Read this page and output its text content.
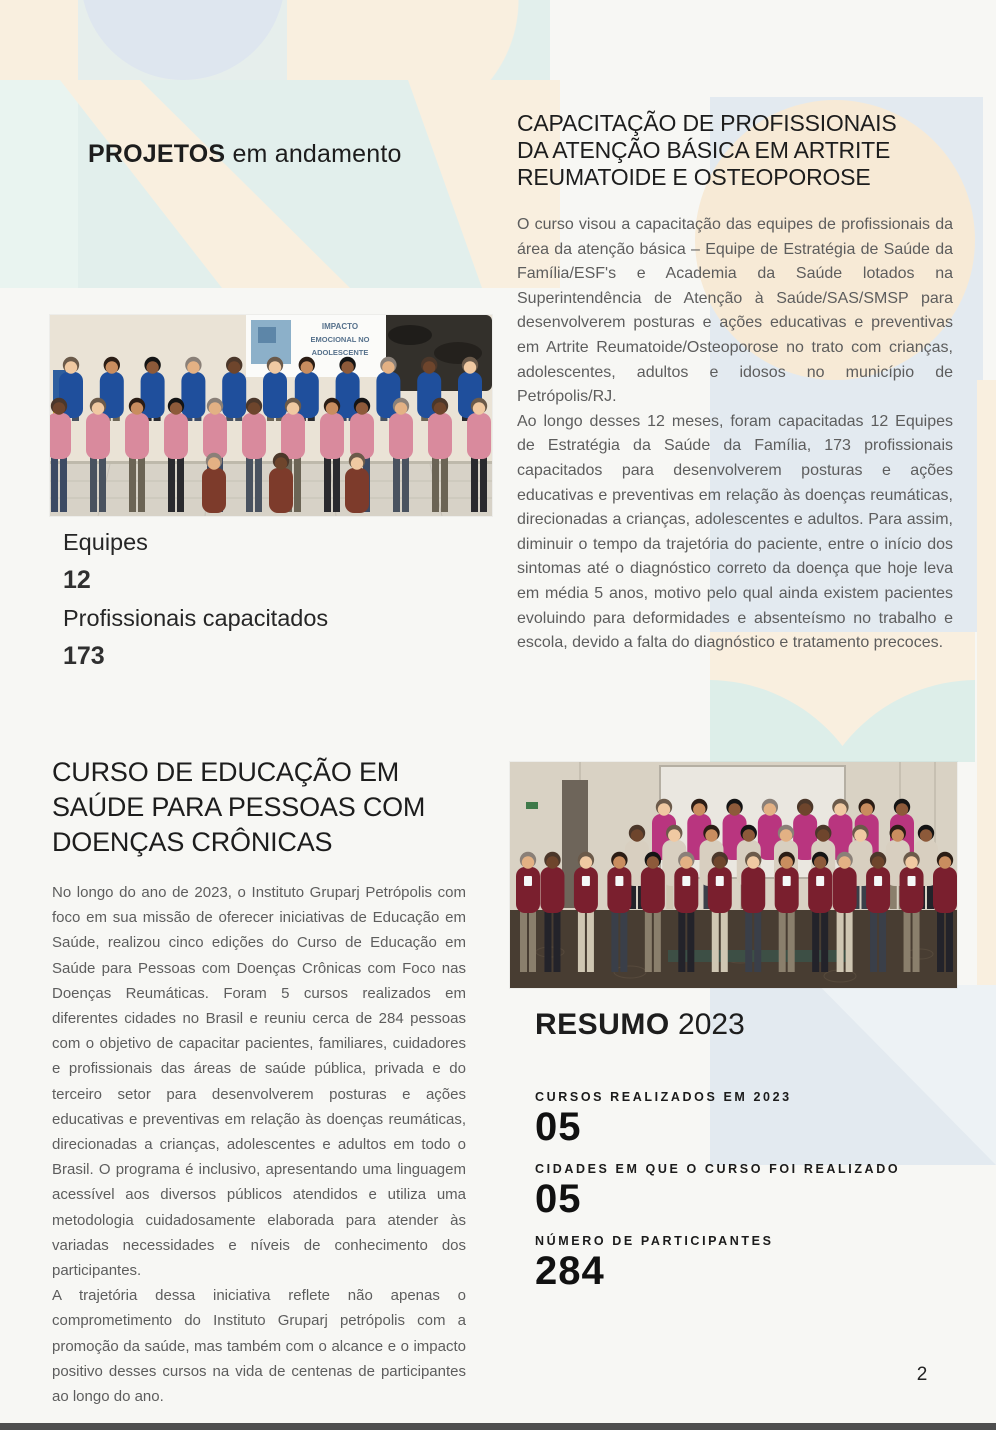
PROJETOS em andamento
CAPACITAÇÃO DE PROFISSIONAIS
DA ATENÇÃO BÁSICA EM ARTRITE
REUMATOIDE E OSTEOPOROSE
O curso visou a capacitação das equipes de profissionais da área da atenção básica – Equipe de Estratégia de Saúde da Família/ESF's e Academia da Saúde lotados na Superintendência de Atenção à Saúde/SAS/SMSP para desenvolverem posturas e ações educativas e preventivas em Artrite Reumatoide/Osteoporose no trato com crianças, adolescentes, adultos e idosos no município de Petrópolis/RJ.
Ao longo desses 12 meses, foram capacitadas 12 Equipes de Estratégia da Saúde da Família, 173 profissionais capacitados para desenvolverem posturas e ações educativas e preventivas em relação às doenças reumáticas, direcionadas a crianças, adolescentes e adultos. Para assim, diminuir o tempo da trajetória do paciente, entre o início dos sintomas até o diagnóstico correto da doença que hoje leva em média 5 anos, motivo pelo qual ainda existem pacientes evoluindo para deformidades e absenteísmo no trabalho e escola, devido a falta do diagnóstico e tratamento precoces.
IMPACTO
EMOCIONAL NO
ADOLESCENTE
Equipes
12
Profissionais capacitados
173
CURSO DE EDUCAÇÃO EM
SAÚDE PARA PESSOAS COM
DOENÇAS CRÔNICAS
No longo do ano de 2023, o Instituto Gruparj Petrópolis com foco em sua missão de oferecer iniciativas de Educação em Saúde, realizou cinco edições do Curso de Educação em Saúde para Pessoas com Doenças Crônicas com Foco nas Doenças Reumáticas. Foram 5 cursos realizados em diferentes cidades no Brasil e reuniu cerca de 284 pessoas com o objetivo de capacitar pacientes, familiares, cuidadores e profissionais das áreas de saúde pública, privada e do terceiro setor para desenvolverem posturas e ações educativas e preventivas em relação às doenças reumáticas, direcionadas a crianças, adolescentes e adultos em todo o Brasil. O programa é inclusivo, apresentando uma linguagem acessível aos diversos públicos atendidos e utiliza uma metodologia cuidadosamente elaborada para atender às variadas necessidades e níveis de conhecimento dos participantes.
A trajetória dessa iniciativa reflete não apenas o comprometimento do Instituto Gruparj petrópolis com a promoção da saúde, mas também com o alcance e o impacto positivo desses cursos na vida de centenas de participantes ao longo do ano.
RESUMO 2023
CURSOS REALIZADOS EM 2023
05
CIDADES EM QUE O CURSO FOI REALIZADO
05
NÚMERO DE PARTICIPANTES
284
2
